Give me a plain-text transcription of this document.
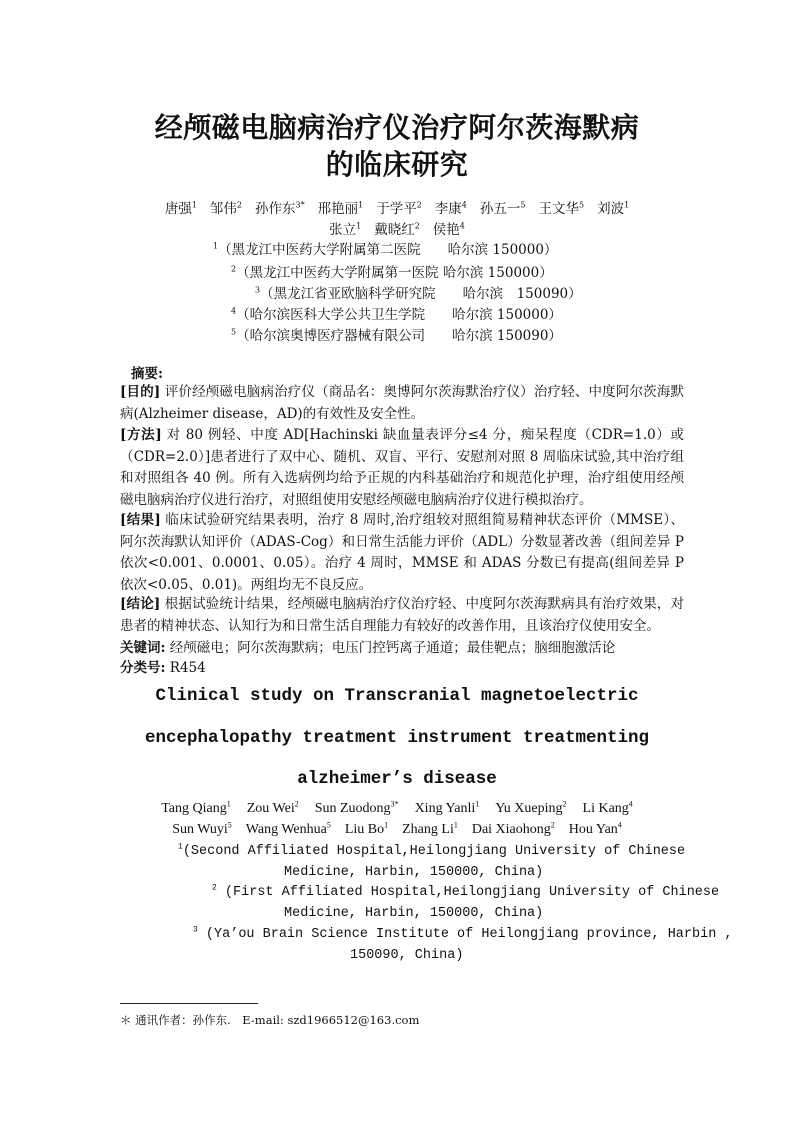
经颅磁电脑病治疗仪治疗阿尔茨海默病
的临床研究
唐强$^1$ 邹伟$^2$ 孙作东$^{3*}$ 邢艳丽$^1$ 于学平$^2$ 李康$^4$ 孙五一$^5$ 王文华$^5$ 刘波$^1$
张立$^1$ 戴晓红$^2$ 侯艳$^4$
$^1$（黑龙江中医药大学附属第二医院　　哈尔滨 150000）
$^2$（黑龙江中医药大学附属第一医院 哈尔滨 150000）
$^3$（黑龙江省亚欧脑科学研究院　　哈尔滨　150090）
$^4$（哈尔滨医科大学公共卫生学院　　哈尔滨 150000）
$^5$（哈尔滨奥博医疗器械有限公司　　哈尔滨 150090）
摘要:
[目的] 评价经颅磁电脑病治疗仪（商品名：奥博阿尔茨海默治疗仪）治疗轻、中度阿尔茨海默病(Alzheimer disease，AD)的有效性及安全性。
[方法] 对 80 例轻、中度 AD[Hachinski 缺血量表评分≤4 分，痴呆程度（CDR=1.0）或（CDR=2.0）]患者进行了双中心、随机、双盲、平行、安慰剂对照 8 周临床试验,其中治疗组和对照组各 40 例。所有入选病例均给予正规的内科基础治疗和规范化护理，治疗组使用经颅磁电脑病治疗仪进行治疗，对照组使用安慰经颅磁电脑病治疗仪进行模拟治疗。
[结果] 临床试验研究结果表明，治疗 8 周时,治疗组较对照组简易精神状态评价（MMSE）、阿尔茨海默认知评价（ADAS-Cog）和日常生活能力评价（ADL）分数显著改善（组间差异 P 依次<0.001、0.0001、0.05）。治疗 4 周时，MMSE 和 ADAS 分数已有提高(组间差异 P 依次<0.05、0.01)。两组均无不良反应。
[结论] 根据试验统计结果，经颅磁电脑病治疗仪治疗轻、中度阿尔茨海默病具有治疗效果，对患者的精神状态、认知行为和日常生活自理能力有较好的改善作用，且该治疗仪使用安全。
关键词: 经颅磁电；阿尔茨海默病；电压门控钙离子通道；最佳靶点；脑细胞激活论
分类号: R454
Clinical study on Transcranial magnetoelectric
encephalopathy treatment instrument treatmenting
alzheimer’s disease
Tang Qiang$^1$ Zou Wei$^2$ Sun Zuodong$^{3*}$ Xing Yanli$^1$ Yu Xueping$^2$ Li Kang$^4$
Sun Wuyi$^5$ Wang Wenhua$^5$ Liu Bo$^1$ Zhang Li$^1$ Dai Xiaohong$^2$ Hou Yan$^4$
$^1$(Second Affiliated Hospital,Heilongjiang University of Chinese
Medicine, Harbin, 150000, China)
$^2$ (First Affiliated Hospital,Heilongjiang University of Chinese
Medicine, Harbin, 150000, China)
$^3$ (Ya’ou Brain Science Institute of Heilongjiang province, Harbin ,
150090, China)
＊ 通讯作者：孙作东.　E-mail: szd1966512@163.com
